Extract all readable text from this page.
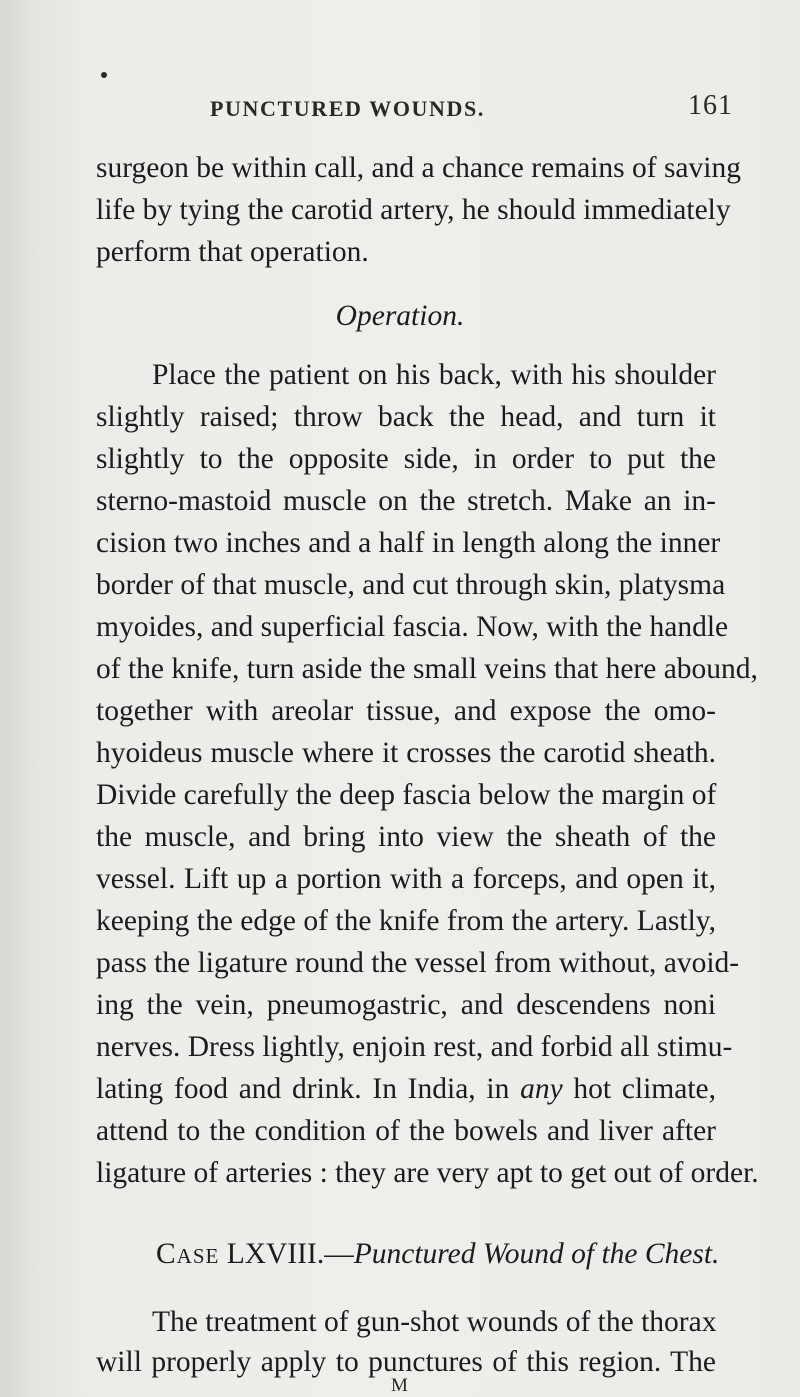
PUNCTURED WOUNDS.	161
surgeon be within call, and a chance remains of saving
life by tying the carotid artery, he should immediately
perform that operation.
Operation.
Place the patient on his back, with his shoulder
slightly raised; throw back the head, and turn it
slightly to the opposite side, in order to put the
sterno-mastoid muscle on the stretch. Make an in-
cision two inches and a half in length along the inner
border of that muscle, and cut through skin, platysma
myoides, and superficial fascia. Now, with the handle
of the knife, turn aside the small veins that here abound,
together with areolar tissue, and expose the omo-
hyoideus muscle where it crosses the carotid sheath.
Divide carefully the deep fascia below the margin of
the muscle, and bring into view the sheath of the
vessel. Lift up a portion with a forceps, and open it,
keeping the edge of the knife from the artery. Lastly,
pass the ligature round the vessel from without, avoid-
ing the vein, pneumogastric, and descendens noni
nerves. Dress lightly, enjoin rest, and forbid all stimu-
lating food and drink. In India, in any hot climate,
attend to the condition of the bowels and liver after
ligature of arteries : they are very apt to get out of order.
Case LXVIII.—Punctured Wound of the Chest.
The treatment of gun-shot wounds of the thorax
will properly apply to punctures of this region. The
M
